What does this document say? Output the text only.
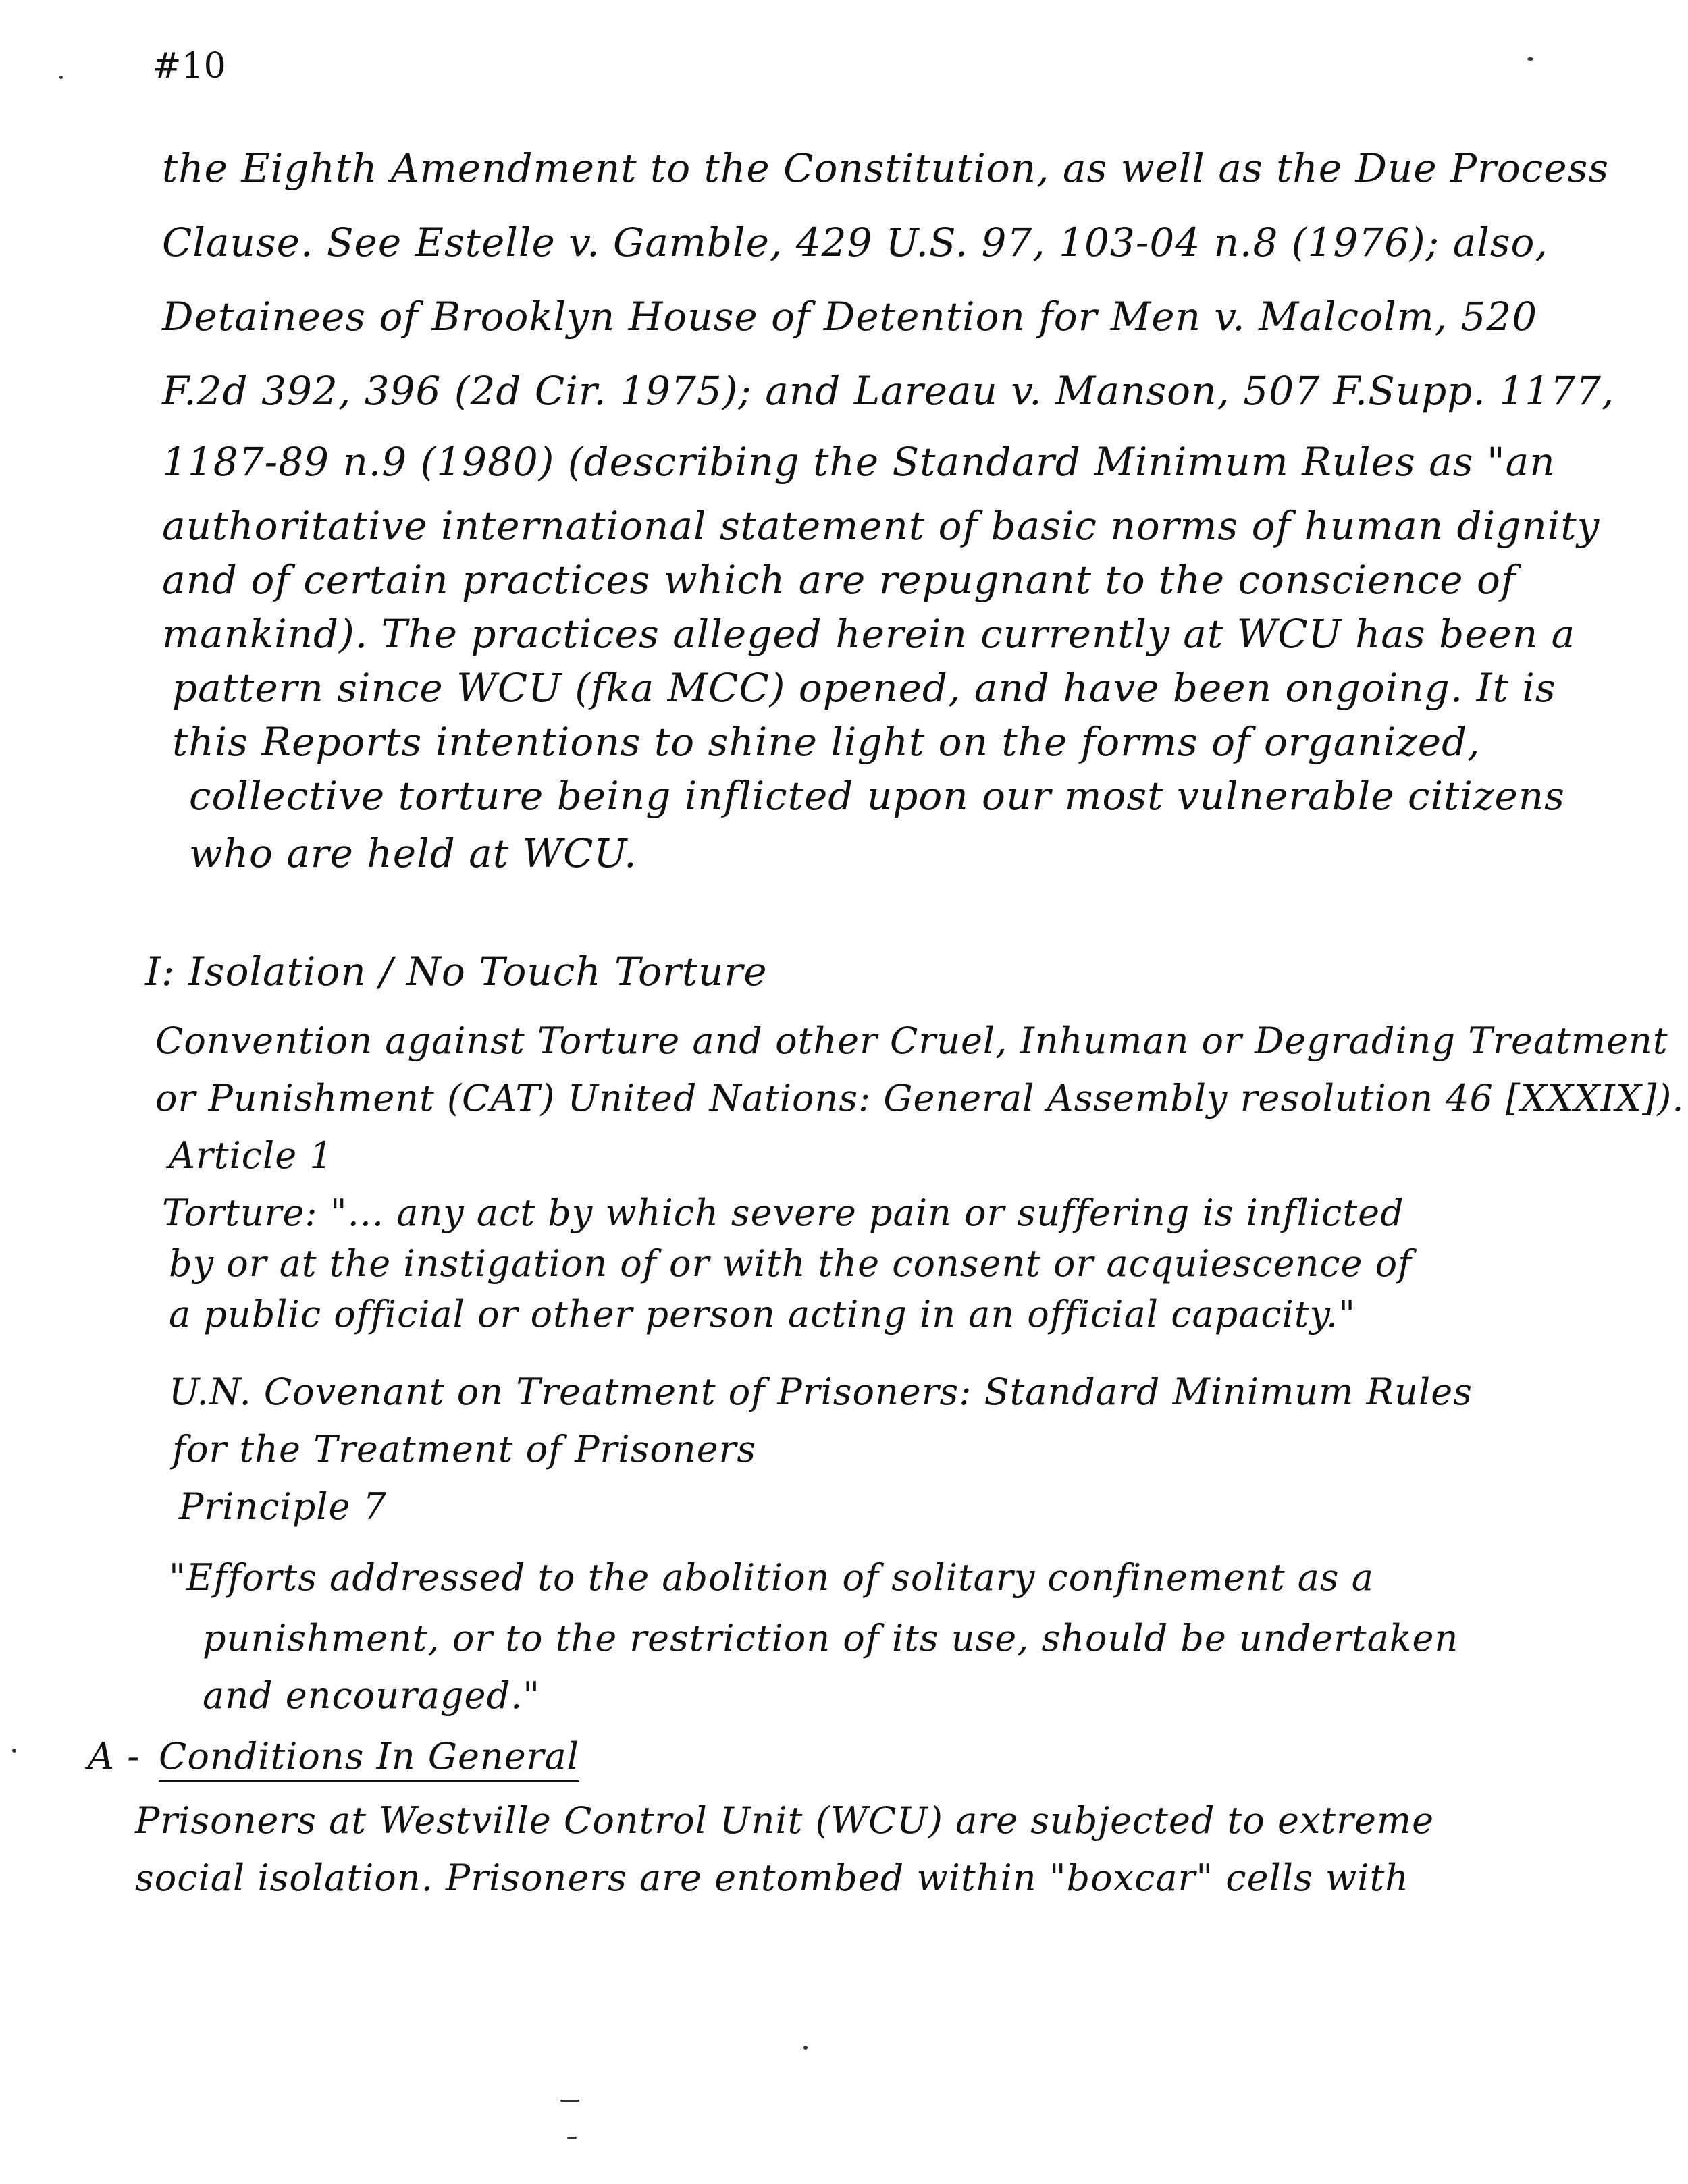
#10
the Eighth Amendment to the Constitution, as well as the Due Process
Clause. See Estelle v. Gamble, 429 U.S. 97, 103-04 n.8 (1976); also,
Detainees of Brooklyn House of Detention for Men v. Malcolm, 520
F.2d 392, 396 (2d Cir. 1975); and Lareau v. Manson, 507 F.Supp. 1177,
1187-89 n.9 (1980) (describing the Standard Minimum Rules as "an
authoritative international statement of basic norms of human dignity
and of certain practices which are repugnant to the conscience of
mankind). The practices alleged herein currently at WCU has been a
pattern since WCU (fka MCC) opened, and have been ongoing. It is
this Reports intentions to shine light on the forms of organized,
collective torture being inflicted upon our most vulnerable citizens
who are held at WCU.
I: Isolation / No Touch Torture
Convention against Torture and other Cruel, Inhuman or Degrading Treatment
or Punishment (CAT) United Nations: General Assembly resolution 46 [XXXIX]).
Article 1
Torture: "... any act by which severe pain or suffering is inflicted
by or at the instigation of or with the consent or acquiescence of
a public official or other person acting in an official capacity."
U.N. Covenant on Treatment of Prisoners: Standard Minimum Rules
for the Treatment of Prisoners
Principle 7
"Efforts addressed to the abolition of solitary confinement as a
punishment, or to the restriction of its use, should be undertaken
and encouraged."
A - Conditions In General
Prisoners at Westville Control Unit (WCU) are subjected to extreme
social isolation. Prisoners are entombed within "boxcar" cells with
